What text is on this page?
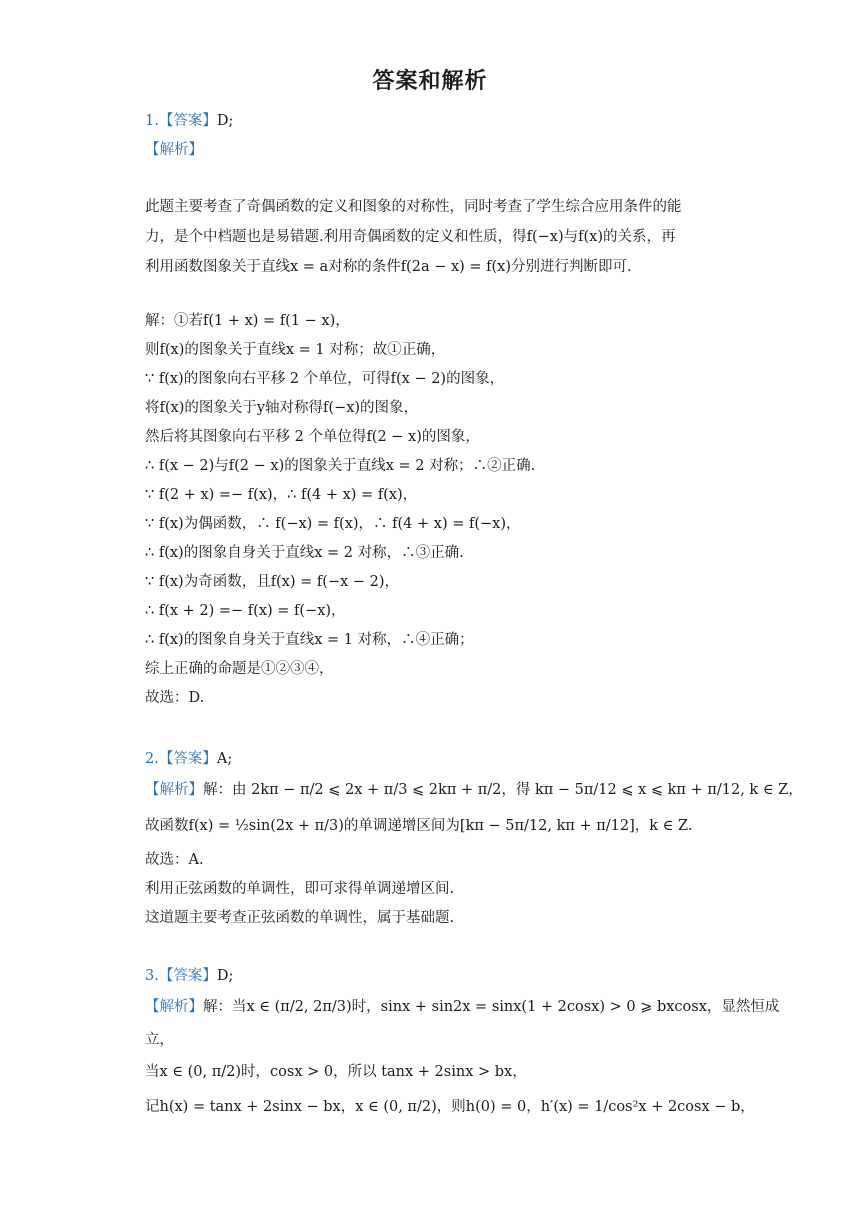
答案和解析
1.【答案】D;
【解析】
此题主要考查了奇偶函数的定义和图象的对称性，同时考查了学生综合应用条件的能
力，是个中档题也是易错题.利用奇偶函数的定义和性质，得f(−x)与f(x)的关系，再
利用函数图象关于直线x = a对称的条件f(2a − x) = f(x)分别进行判断即可.
解：①若f(1 + x) = f(1 − x)，
则f(x)的图象关于直线x = 1 对称；故①正确，
∵ f(x)的图象向右平移 2 个单位，可得f(x − 2)的图象，
将f(x)的图象关于y轴对称得f(−x)的图象，
然后将其图象向右平移 2 个单位得f(2 − x)的图象，
∴ f(x − 2)与f(2 − x)的图象关于直线x = 2 对称；∴②正确.
∵ f(2 + x) =− f(x)，∴ f(4 + x) = f(x)，
∵ f(x)为偶函数，∴ f(−x) = f(x)，∴ f(4 + x) = f(−x)，
∴ f(x)的图象自身关于直线x = 2 对称，∴③正确.
∵ f(x)为奇函数，且f(x) = f(−x − 2)，
∴ f(x + 2) =− f(x) = f(−x)，
∴ f(x)的图象自身关于直线x = 1 对称，∴④正确；
综上正确的命题是①②③④，
故选：D.
2.【答案】A;
【解析】解：由 2kπ − π/2 ⩽ 2x + π/3 ⩽ 2kπ + π/2，得 kπ − 5π/12 ⩽ x ⩽ kπ + π/12, k ∈ Z，
故函数f(x) = ½sin(2x + π/3)的单调递增区间为[kπ − 5π/12, kπ + π/12]，k ∈ Z.
故选：A.
利用正弦函数的单调性，即可求得单调递增区间.
这道题主要考查正弦函数的单调性，属于基础题.
3.【答案】D;
【解析】解：当x ∈ (π/2, 2π/3)时，sinx + sin2x = sinx(1 + 2cosx) > 0 ⩾ bxcosx，显然恒成
立，
当x ∈ (0, π/2)时，cosx > 0，所以 tanx + 2sinx > bx，
记h(x) = tanx + 2sinx − bx，x ∈ (0, π/2)，则h(0) = 0，h′(x) = 1/cos²x + 2cosx − b，
